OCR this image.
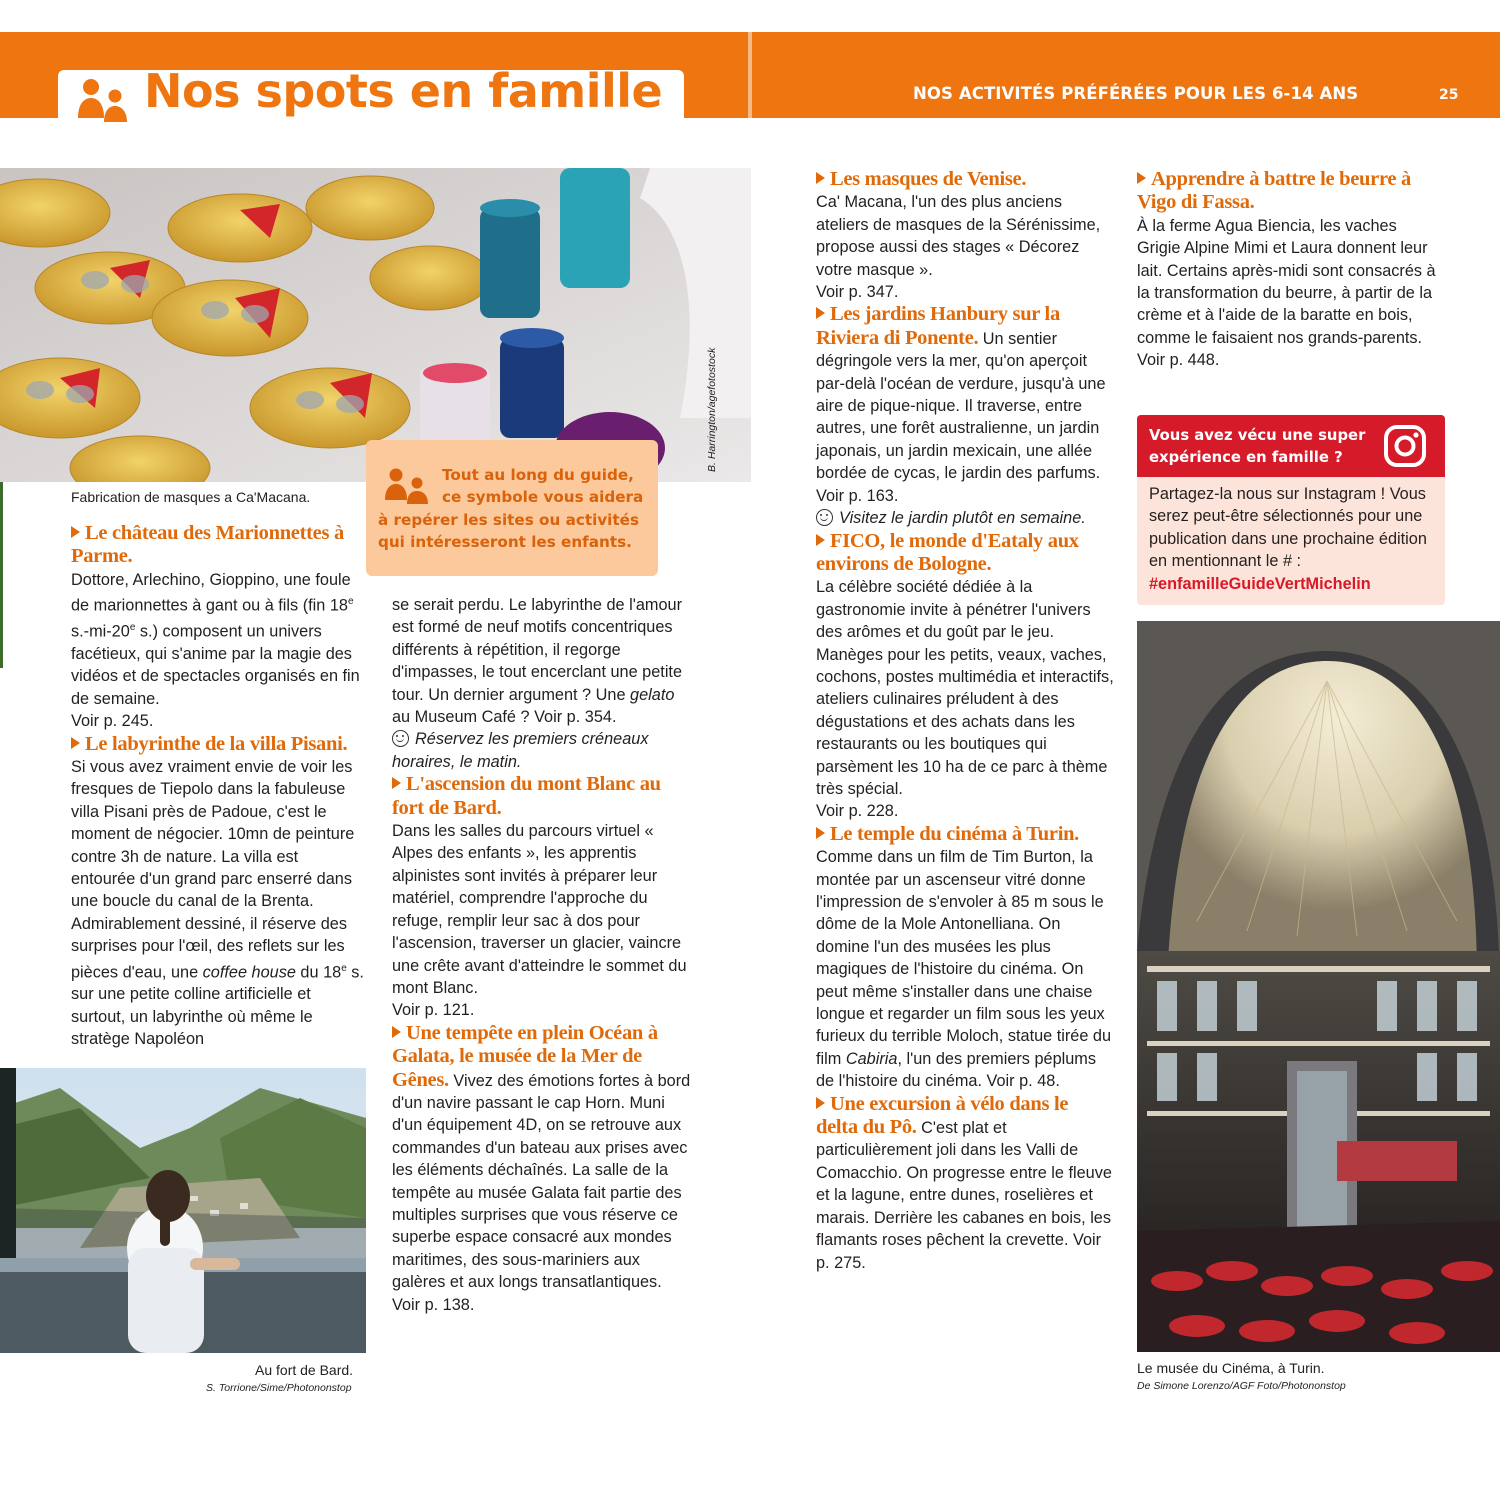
Nos spots en famille	NOS ACTIVITÉS PRÉFÉRÉES POUR LES 6-14 ANS	25
B. Harrington/agefotostock
Fabrication de masques a Ca'Macana.
Tout au long du guide,
ce symbole vous aidera
à repérer les sites ou activités
qui intéresseront les enfants.

Le château des Marionnettes à Parme.
Dottore, Arlechino, Gioppino, une foule de marionnettes à gant ou à fils (fin 18e s.-mi-20e s.) composent un univers facétieux, qui s'anime par la magie des vidéos et de spectacles organisés en fin de semaine.
Voir p. 245.

Le labyrinthe de la villa Pisani. Si vous avez vraiment envie de voir les fresques de Tiepolo dans la fabuleuse villa Pisani près de Padoue, c'est le moment de négocier. 10mn de peinture contre 3h de nature. La villa est entourée d'un grand parc enserré dans une boucle du canal de la Brenta. Admirablement dessiné, il réserve des surprises pour l'œil, des reflets sur les pièces d'eau, une coffee house du 18e s. sur une petite colline artificielle et surtout, un labyrinthe où même le stratège Napoléon

Au fort de Bard.
S. Torrione/Sime/Photononstop

se serait perdu. Le labyrinthe de l'amour est formé de neuf motifs concentriques différents à répétition, il regorge d'impasses, le tout encerclant une petite tour. Un dernier argument ? Une gelato au Museum Café ? Voir p. 354.
Réservez les premiers créneaux horaires, le matin.

L'ascension du mont Blanc au fort de Bard.
Dans les salles du parcours virtuel « Alpes des enfants », les apprentis alpinistes sont invités à préparer leur matériel, comprendre l'approche du refuge, remplir leur sac à dos pour l'ascension, traverser un glacier, vaincre une crête avant d'atteindre le sommet du mont Blanc.
Voir p. 121.

Une tempête en plein Océan à Galata, le musée de la Mer de Gênes. Vivez des émotions fortes à bord d'un navire passant le cap Horn. Muni d'un équipement 4D, on se retrouve aux commandes d'un bateau aux prises avec les éléments déchaînés. La salle de la tempête au musée Galata fait partie des multiples surprises que vous réserve ce superbe espace consacré aux mondes maritimes, des sous-mariniers aux galères et aux longs transatlantiques. Voir p. 138.

Les masques de Venise.
Ca' Macana, l'un des plus anciens ateliers de masques de la Sérénissime, propose aussi des stages « Décorez votre masque ».
Voir p. 347.

Les jardins Hanbury sur la Riviera di Ponente. Un sentier dégringole vers la mer, qu'on aperçoit par-delà l'océan de verdure, jusqu'à une aire de pique-nique. Il traverse, entre autres, une forêt australienne, un jardin japonais, un jardin mexicain, une allée bordée de cycas, le jardin des parfums.
Voir p. 163.
Visitez le jardin plutôt en semaine.

FICO, le monde d'Eataly aux environs de Bologne.
La célèbre société dédiée à la gastronomie invite à pénétrer l'univers des arômes et du goût par le jeu. Manèges pour les petits, veaux, vaches, cochons, postes multimédia et interactifs, ateliers culinaires préludent à des dégustations et des achats dans les restaurants ou les boutiques qui parsèment les 10 ha de ce parc à thème très spécial.
Voir p. 228.

Le temple du cinéma à Turin. Comme dans un film de Tim Burton, la montée par un ascenseur vitré donne l'impression de s'envoler à 85 m sous le dôme de la Mole Antonelliana. On domine l'un des musées les plus magiques de l'histoire du cinéma. On peut même s'installer dans une chaise longue et regarder un film sous les yeux furieux du terrible Moloch, statue tirée du film Cabiria, l'un des premiers péplums de l'histoire du cinéma. Voir p. 48.

Une excursion à vélo dans le delta du Pô. C'est plat et particulièrement joli dans les Valli de Comacchio. On progresse entre le fleuve et la lagune, entre dunes, roselières et marais. Derrière les cabanes en bois, les flamants roses pêchent la crevette. Voir p. 275.

Apprendre à battre le beurre à Vigo di Fassa.
À la ferme Agua Biencia, les vaches Grigie Alpine Mimi et Laura donnent leur lait. Certains après-midi sont consacrés à la transformation du beurre, à partir de la crème et à l'aide de la baratte en bois, comme le faisaient nos grands-parents.
Voir p. 448.

Vous avez vécu une super expérience en famille ?
Partagez-la nous sur Instagram ! Vous serez peut-être sélectionnés pour une publication dans une prochaine édition en mentionnant le # : #enfamilleGuideVertMichelin
Le musée du Cinéma, à Turin.
De Simone Lorenzo/AGF Foto/Photononstop
